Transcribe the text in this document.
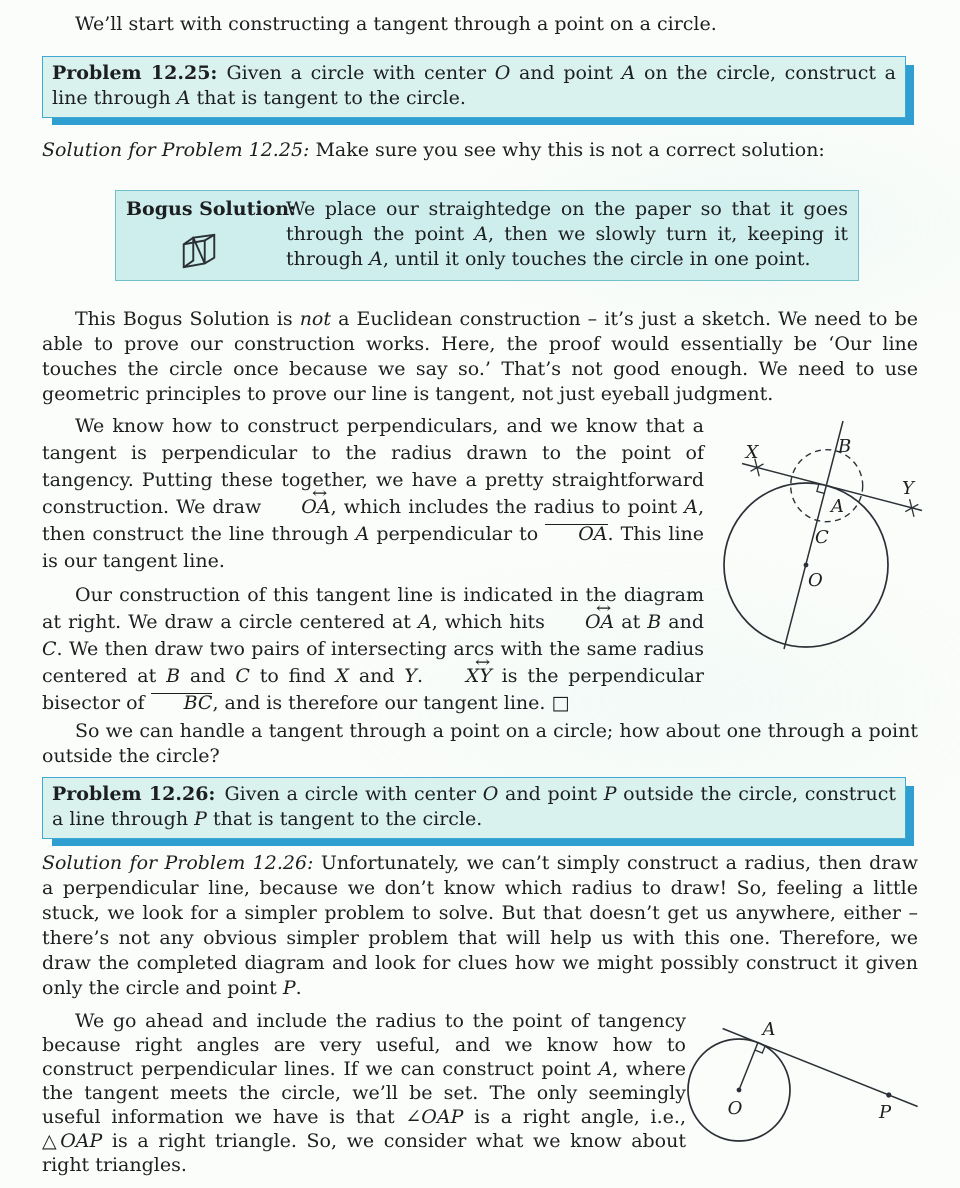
We’ll start with constructing a tangent through a point on a circle.

Problem 12.25: Given a circle with center O and point A on the circle, construct a line through A that is tangent to the circle.

Solution for Problem 12.25: Make sure you see why this is not a correct solution:

Bogus Solution:

We place our straightedge on the paper so that it goes through the point A, then we slowly turn it, keeping it through A, until it only touches the circle in one point.

This Bogus Solution is not a Euclidean construction – it’s just a sketch. We need to be able to prove our construction works. Here, the proof would essentially be ‘Our line touches the circle once because we say so.’ That’s not good enough. We need to use geometric principles to prove our line is tangent, not just eyeball judgment.

We know how to construct perpendiculars, and we know that a tangent is perpendicular to the radius drawn to the point of tangency. Putting these together, we have a pretty straightforward construction. We draw OA ↔, which includes the radius to point A, then construct the line through A perpendicular to OA. This line is our tangent line.

Our construction of this tangent line is indicated in the diagram at right. We draw a circle centered at A, which hits OA ↔ at B and C. We then draw two pairs of intersecting arcs with the same radius centered at B and C to find X and Y. XY ↔ is the perpendicular bisector of BC, and is therefore our tangent line. □

X	B
Y
A
C
O

So we can handle a tangent through a point on a circle; how about one through a point outside the circle?

Problem 12.26: Given a circle with center O and point P outside the circle, construct a line through P that is tangent to the circle.

Solution for Problem 12.26: Unfortunately, we can’t simply construct a radius, then draw a perpendicular line, because we don’t know which radius to draw! So, feeling a little stuck, we look for a simpler problem to solve. But that doesn’t get us anywhere, either – there’s not any obvious simpler problem that will help us with this one. Therefore, we draw the completed diagram and look for clues how we might possibly construct it given only the circle and point P.

We go ahead and include the radius to the point of tangency because right angles are very useful, and we know how to construct perpendicular lines. If we can construct point A, where the tangent meets the circle, we’ll be set. The only seemingly useful information we have is that ∠OAP is a right angle, i.e., △OAP is a right triangle. So, we consider what we know about right triangles.

A
O	P
